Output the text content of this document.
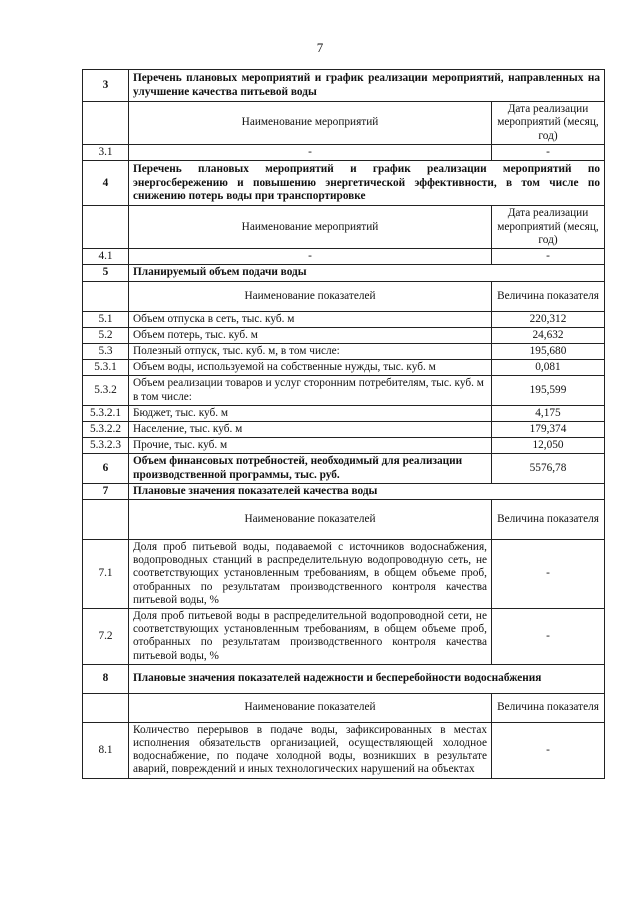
7
3	Перечень плановых мероприятий и график реализации мероприятий, направленных на улучшение качества питьевой воды	
	Наименование мероприятий	Дата реализации мероприятий (месяц, год)
3.1	-	-
4	Перечень плановых мероприятий и график реализации мероприятий по энергосбережению и повышению энергетической эффективности, в том числе по снижению потерь воды при транспортировке	
	Наименование мероприятий	Дата реализации мероприятий (месяц, год)
4.1	-	-
5	Планируемый объем подачи воды	
	Наименование показателей	Величина показателя
5.1	Объем отпуска в сеть, тыс. куб. м	220,312
5.2	Объем потерь, тыс. куб. м	24,632
5.3	Полезный отпуск, тыс. куб. м, в том числе:	195,680
5.3.1	Объем воды, используемой на собственные нужды, тыс. куб. м	0,081
5.3.2	Объем реализации товаров и услуг сторонним потребителям, тыс. куб. м в том числе:	195,599
5.3.2.1	Бюджет, тыс. куб. м	4,175
5.3.2.2	Население, тыс. куб. м	179,374
5.3.2.3	Прочие, тыс. куб. м	12,050
6	Объем финансовых потребностей, необходимый для реализации производственной программы, тыс. руб.	5576,78
7	Плановые значения показателей качества воды	
	Наименование показателей	Величина показателя
7.1	Доля проб питьевой воды, подаваемой с источников водоснабжения, водопроводных станций в распределительную водопроводную сеть, не соответствующих установленным требованиям, в общем объеме проб, отобранных по результатам производственного контроля качества питьевой воды, %	-
7.2	Доля проб питьевой воды в распределительной водопроводной сети, не соответствующих установленным требованиям, в общем объеме проб, отобранных по результатам производственного контроля качества питьевой воды, %	-
8	Плановые значения показателей надежности и бесперебойности водоснабжения	
	Наименование показателей	Величина показателя
8.1	Количество перерывов в подаче воды, зафиксированных в местах исполнения обязательств организацией, осуществляющей холодное водоснабжение, по подаче холодной воды, возникших в результате аварий, повреждений и иных технологических нарушений на объектах	-
